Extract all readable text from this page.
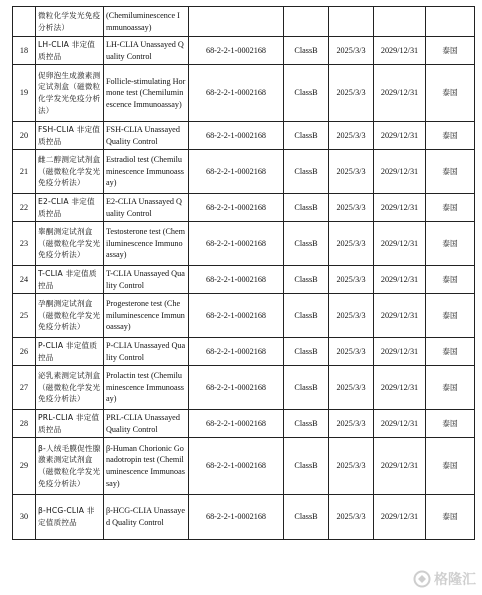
	微粒化学发光免疫分析法）	(Chemiluminescence Immunoassay)					
18	LH-CLIA 非定值质控品	LH-CLIA Unassayed Quality Control	68-2-2-1-0002168	ClassB	2025/3/3	2029/12/31	泰国
19	促卵泡生成激素测定试剂盒（磁微粒化学发光免疫分析法）	Follicle-stimulating Hormone test (Chemiluminescence Immunoassay)	68-2-2-1-0002168	ClassB	2025/3/3	2029/12/31	泰国
20	FSH-CLIA 非定值质控品	FSH-CLIA Unassayed Quality Control	68-2-2-1-0002168	ClassB	2025/3/3	2029/12/31	泰国
21	雌二醇测定试剂盒（磁微粒化学发光免疫分析法）	Estradiol test (Chemiluminescence Immunoassay)	68-2-2-1-0002168	ClassB	2025/3/3	2029/12/31	泰国
22	E2-CLIA 非定值质控品	E2-CLIA Unassayed Quality Control	68-2-2-1-0002168	ClassB	2025/3/3	2029/12/31	泰国
23	睾酮测定试剂盒（磁微粒化学发光免疫分析法）	Testosterone test (Chemiluminescence Immunoassay)	68-2-2-1-0002168	ClassB	2025/3/3	2029/12/31	泰国
24	T-CLIA 非定值质控品	T-CLIA Unassayed Quality Control	68-2-2-1-0002168	ClassB	2025/3/3	2029/12/31	泰国
25	孕酮测定试剂盒（磁微粒化学发光免疫分析法）	Progesterone test (Chemiluminescence Immunoassay)	68-2-2-1-0002168	ClassB	2025/3/3	2029/12/31	泰国
26	P-CLIA 非定值质控品	P-CLIA Unassayed Quality Control	68-2-2-1-0002168	ClassB	2025/3/3	2029/12/31	泰国
27	泌乳素测定试剂盒（磁微粒化学发光免疫分析法）	Prolactin test (Chemiluminescence Immunoassay)	68-2-2-1-0002168	ClassB	2025/3/3	2029/12/31	泰国
28	PRL-CLIA 非定值质控品	PRL-CLIA Unassayed Quality Control	68-2-2-1-0002168	ClassB	2025/3/3	2029/12/31	泰国
29	β-人绒毛膜促性腺激素测定试剂盒（磁微粒化学发光免疫分析法）	β-Human Chorionic Gonadotropin test (Chemiluminescence Immunoassay)	68-2-2-1-0002168	ClassB	2025/3/3	2029/12/31	泰国
30	β-HCG-CLIA 非定值质控品	β-HCG-CLIA Unassayed Quality Control	68-2-2-1-0002168	ClassB	2025/3/3	2029/12/31	泰国
格隆汇
